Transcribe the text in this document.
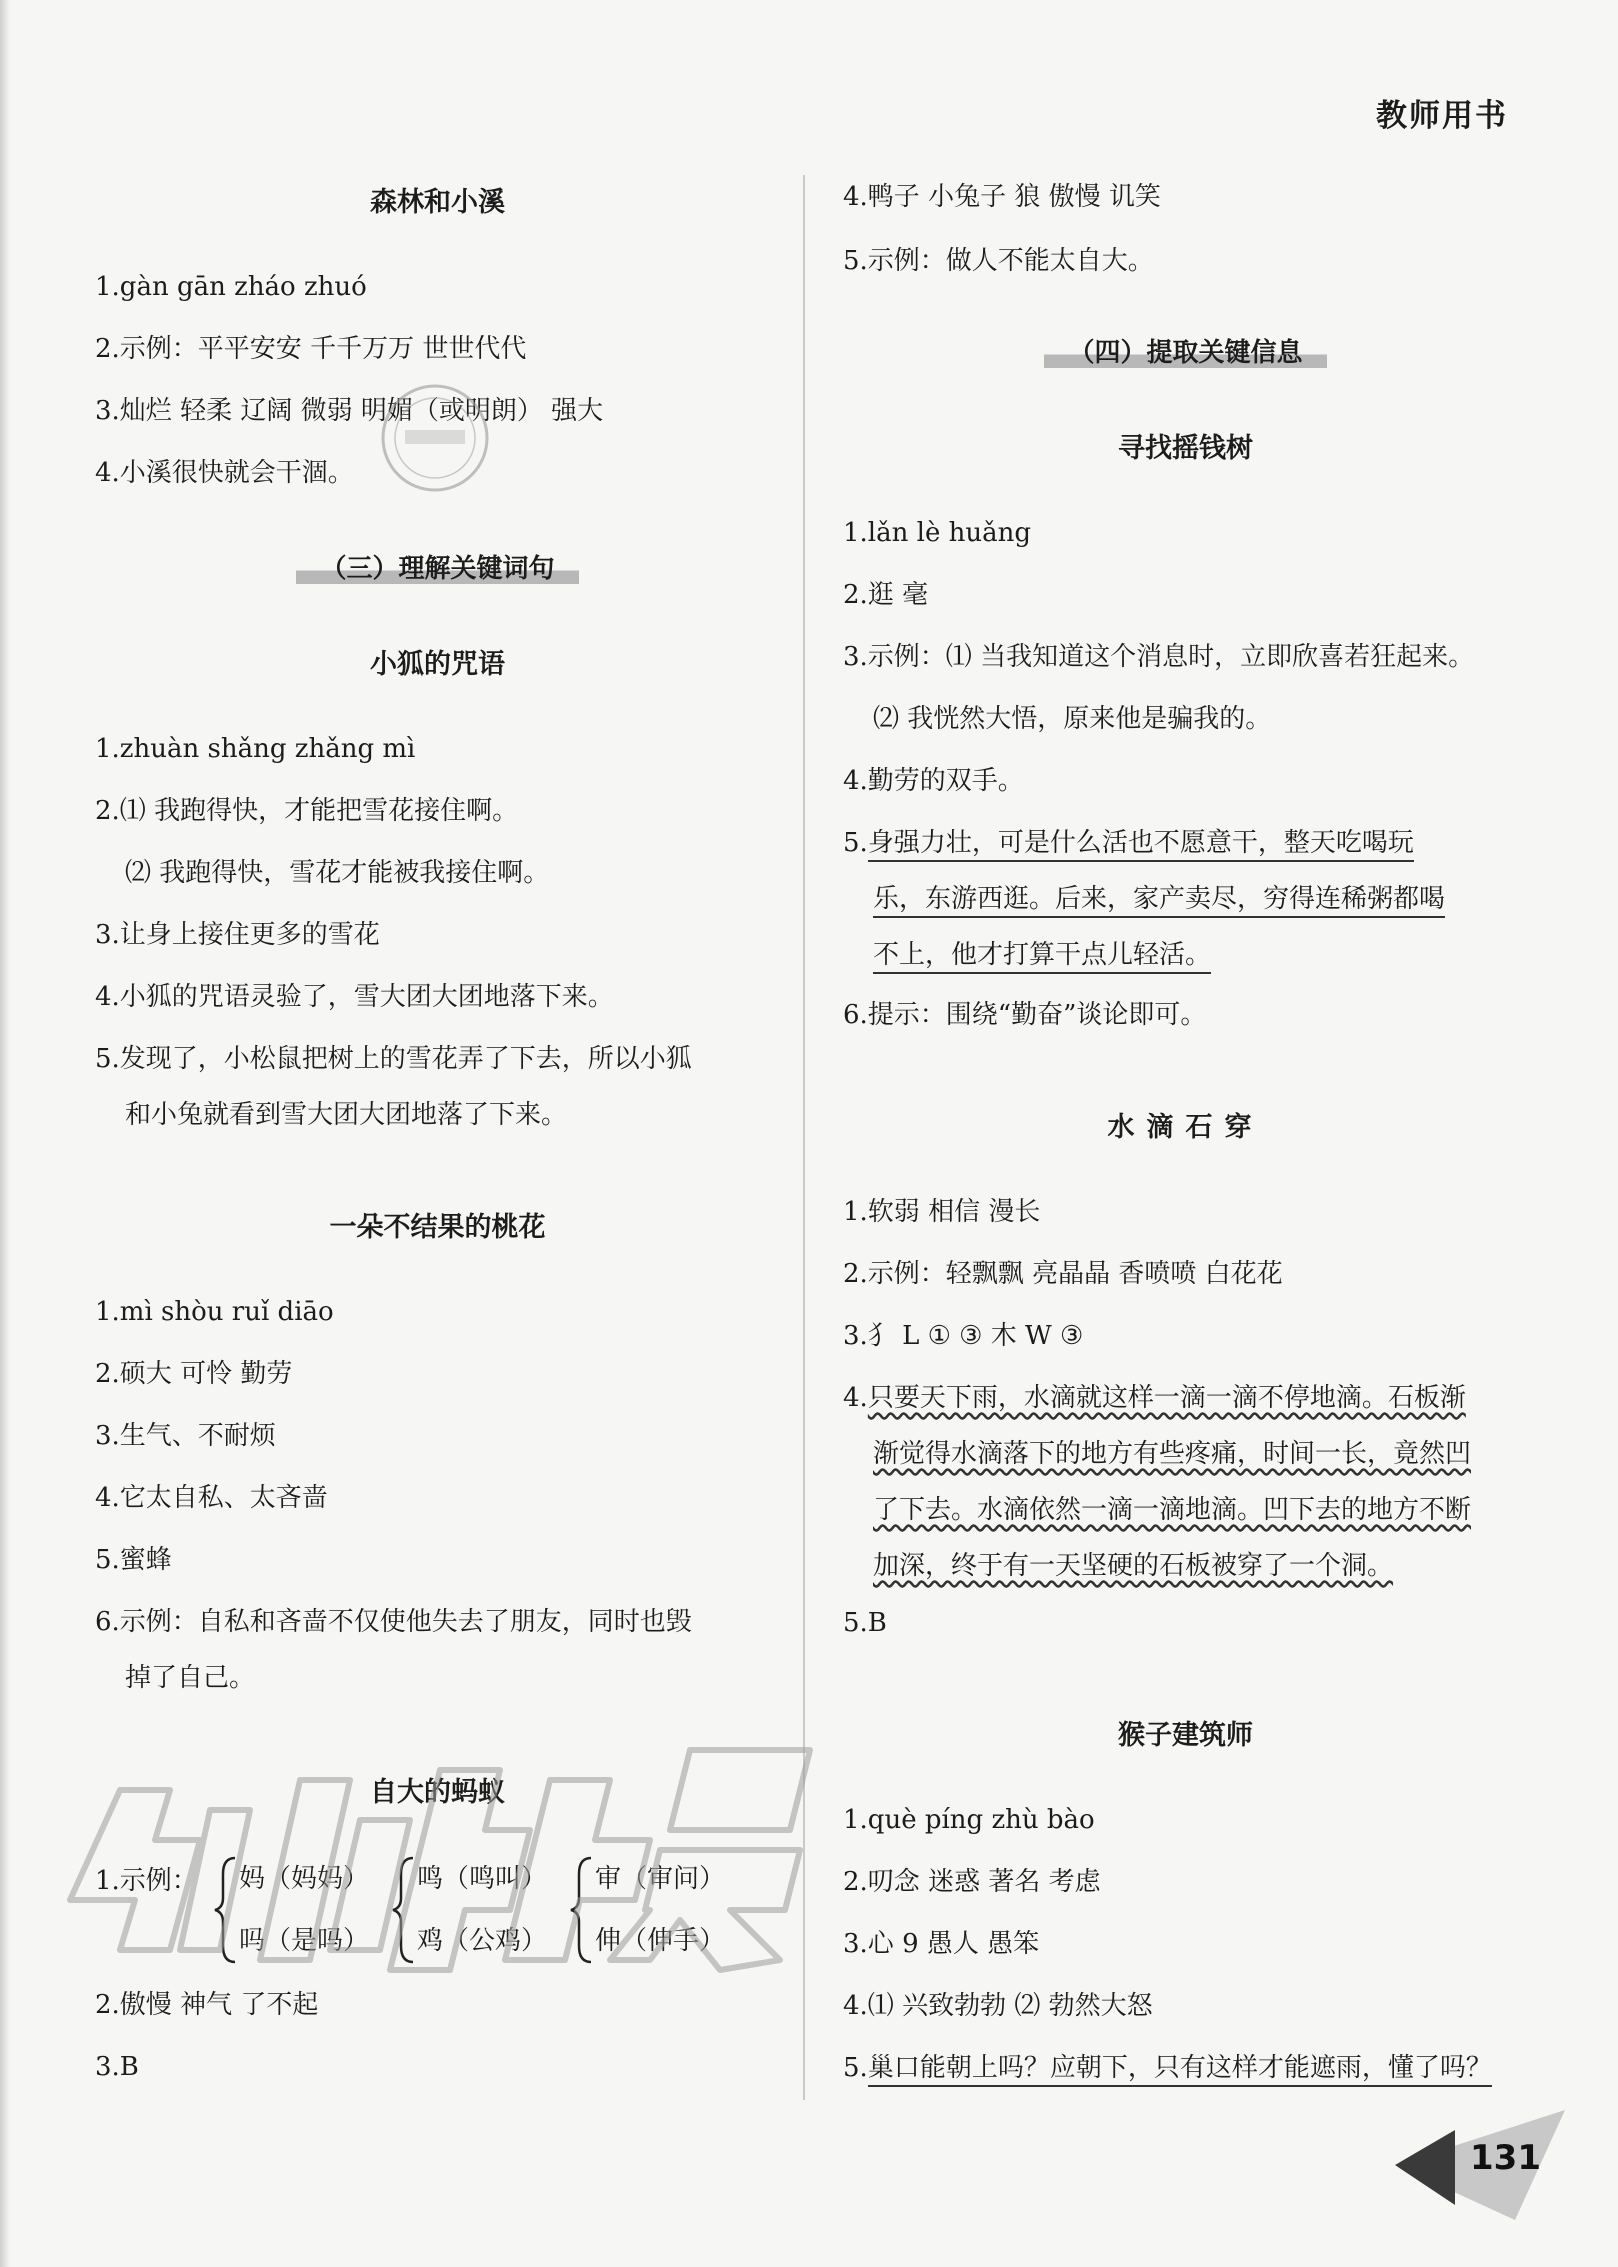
教师用书
森林和小溪
1.gàn gān zháo zhuó
2.示例：平平安安 千千万万 世世代代
3.灿烂 轻柔 辽阔 微弱 明媚（或明朗） 强大
4.小溪很快就会干涸。
（三）理解关键词句
小狐的咒语
1.zhuàn shǎng zhǎng mì
2.⑴ 我跑得快，才能把雪花接住啊。
⑵ 我跑得快，雪花才能被我接住啊。
3.让身上接住更多的雪花
4.小狐的咒语灵验了，雪大团大团地落下来。
5.发现了，小松鼠把树上的雪花弄了下去，所以小狐
和小兔就看到雪大团大团地落了下来。
一朵不结果的桃花
1.mì shòu ruǐ diāo
2.硕大 可怜 勤劳
3.生气、不耐烦
4.它太自私、太吝啬
5.蜜蜂
6.示例：自私和吝啬不仅使他失去了朋友，同时也毁
掉了自己。
自大的蚂蚁
1.示例：	妈（妈妈）
吗（是吗）
鸣（鸣叫）
鸡（公鸡）
审（审问）
伸（伸手）
2.傲慢 神气 了不起
3.B
4.鸭子 小兔子 狼 傲慢 讥笑
5.示例：做人不能太自大。
（四）提取关键信息
寻找摇钱树
1.lǎn lè huǎng
2.逛 毫
3.示例：⑴ 当我知道这个消息时，立即欣喜若狂起来。
⑵ 我恍然大悟，原来他是骗我的。
4.勤劳的双手。
5.身强力壮，可是什么活也不愿意干，整天吃喝玩
乐，东游西逛。后来，家产卖尽，穷得连稀粥都喝
不上，他才打算干点儿轻活。
6.提示：围绕“勤奋”谈论即可。
水滴石穿
1.软弱 相信 漫长
2.示例：轻飘飘 亮晶晶 香喷喷 白花花
3.⺨ L ① ③ 木 W ③
4.只要天下雨，水滴就这样一滴一滴不停地滴。石板渐
渐觉得水滴落下的地方有些疼痛，时间一长，竟然凹
了下去。水滴依然一滴一滴地滴。凹下去的地方不断
加深，终于有一天坚硬的石板被穿了一个洞。
5.B
猴子建筑师
1.què píng zhù bào
2.叨念 迷惑 著名 考虑
3.心 9 愚人 愚笨
4.⑴ 兴致勃勃 ⑵ 勃然大怒
5.巢口能朝上吗？应朝下，只有这样才能遮雨，懂了吗？
131
